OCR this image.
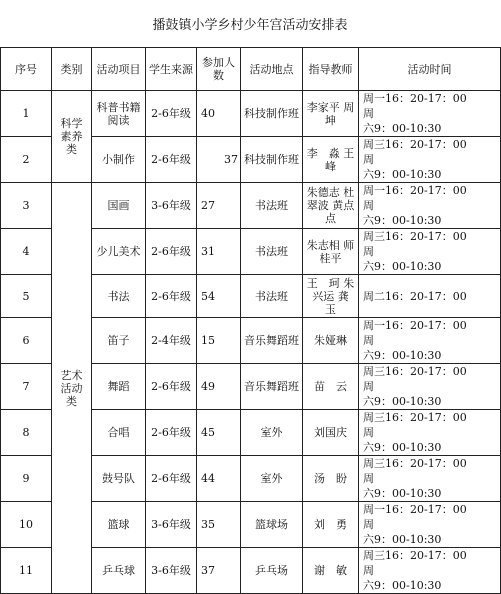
播鼓镇小学乡村少年宫活动安排表
序号	类别	活动项目	学生来源	参加人数	活动地点	指导教师	活动时间
1	科学素养类	科普书籍阅读	2-6年级	40	科技制作班	李家平 周 坤	周一16：20-17：00　　周
六9：00-10:30

2		小制作	2-6年级	37	科技制作班	李　淼 王　峰	周三16：20-17：00　　周
六9：00-10:30

3	艺术活动类	国画	3-6年级	27	书法班	朱德志 杜翠波 黄点点	周一16：20-17：00　　周
六9：00-10:30

4		少儿美术	2-6年级	31	书法班	朱志相 师桂平	周三16：20-17：00　　周
六9：00-10:30

5		书法	2-6年级	54	书法班	王　珂 朱兴运 龚　玉	周二16：20-17：00

6		笛子	2-4年级	15	音乐舞蹈班	朱娅琳	周一16：20-17：00　　周
六9：00-10:30

7		舞蹈	2-6年级	49	音乐舞蹈班	苗　云	周三16：20-17：00　　周
六9：00-10:30

8		合唱	2-6年级	45	室外	刘国庆	周三16：20-17：00　　周
六9：00-10:30

9		鼓号队	2-6年级	44	室外	汤　盼	周三16：20-17：00　　周
六9：00-10:30

10		篮球	3-6年级	35	篮球场	刘　勇	周一16：20-17：00　　周
六9：00-10:30

11		乒乓球	3-6年级	37	乒乓场	谢　敏	周三16：20-17：00　　周
六9：00-10:30
